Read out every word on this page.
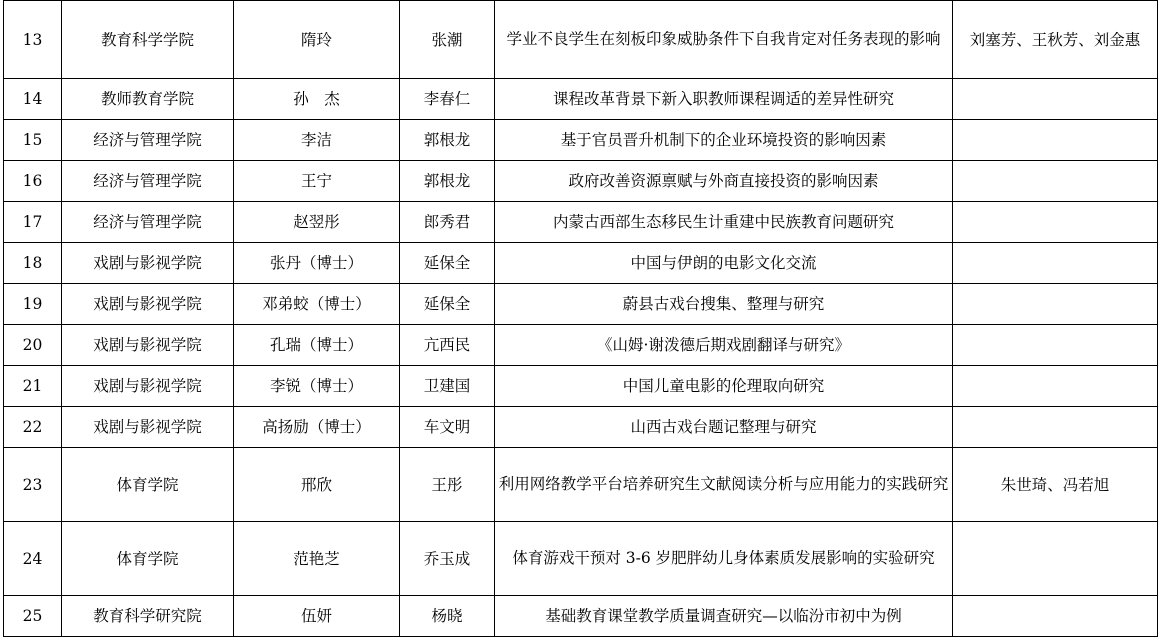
13	教育科学学院	隋玲	张潮	学业不良学生在刻板印象威胁条件下自我肯定对任务表现的影响	刘塞芳、王秋芳、刘金惠
14	教师教育学院	孙　杰	李春仁	课程改革背景下新入职教师课程调适的差异性研究	
15	经济与管理学院	李洁	郭根龙	基于官员晋升机制下的企业环境投资的影响因素	
16	经济与管理学院	王宁	郭根龙	政府改善资源禀赋与外商直接投资的影响因素	
17	经济与管理学院	赵翌彤	郎秀君	内蒙古西部生态移民生计重建中民族教育问题研究	
18	戏剧与影视学院	张丹（博士）	延保全	中国与伊朗的电影文化交流	
19	戏剧与影视学院	邓弟蛟（博士）	延保全	蔚县古戏台搜集、整理与研究	
20	戏剧与影视学院	孔瑞（博士）	亢西民	《山姆·谢泼德后期戏剧翻译与研究》	
21	戏剧与影视学院	李锐（博士）	卫建国	中国儿童电影的伦理取向研究	
22	戏剧与影视学院	高扬励（博士）	车文明	山西古戏台题记整理与研究	
23	体育学院	邢欣	王彤	利用网络教学平台培养研究生文献阅读分析与应用能力的实践研究	朱世琦、冯若旭
24	体育学院	范艳芝	乔玉成	体育游戏干预对 3-6 岁肥胖幼儿身体素质发展影响的实验研究	
25	教育科学研究院	伍妍	杨晓	基础教育课堂教学质量调查研究—以临汾市初中为例	
